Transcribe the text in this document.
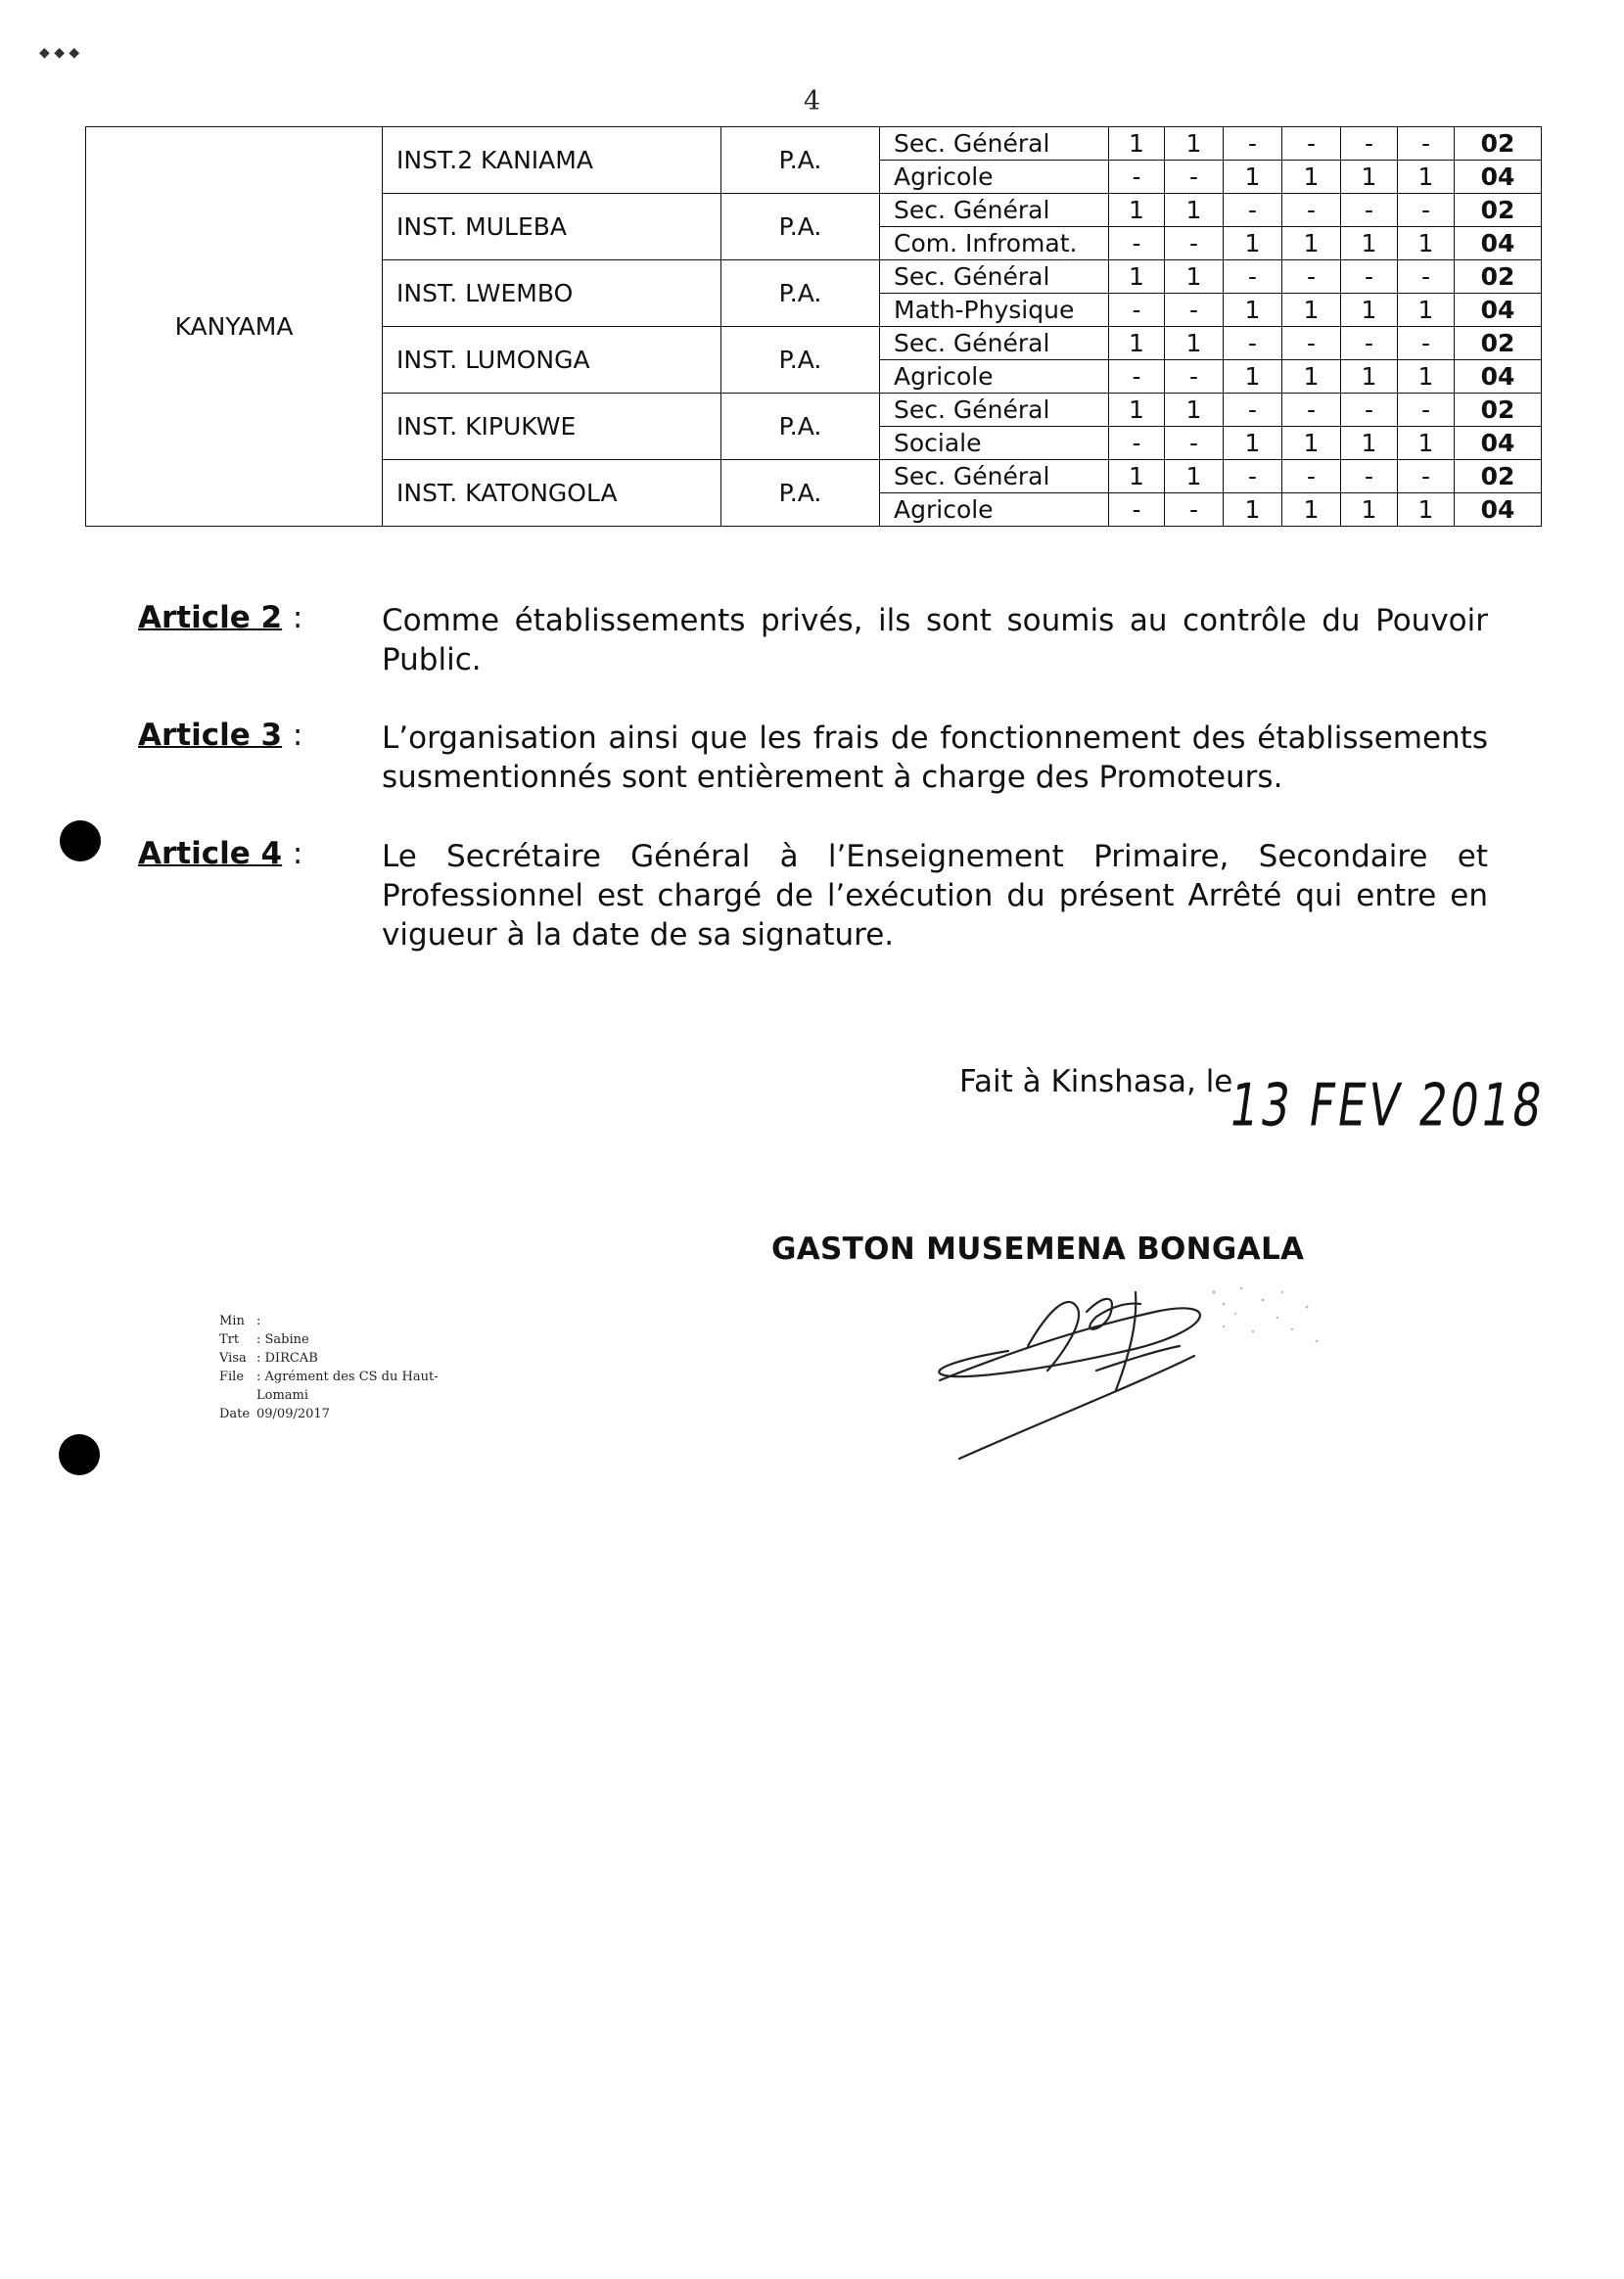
◆ ◆ ◆
4
KANYAMA	INST.2 KANIAMA	P.A.	Sec. Général	1	1	-	-	-	-	02
			Agricole	-	-	1	1	1	1	04
	INST. MULEBA	P.A.	Sec. Général	1	1	-	-	-	-	02
			Com. Infromat.	-	-	1	1	1	1	04
	INST. LWEMBO	P.A.	Sec. Général	1	1	-	-	-	-	02
			Math-Physique	-	-	1	1	1	1	04
	INST. LUMONGA	P.A.	Sec. Général	1	1	-	-	-	-	02
			Agricole	-	-	1	1	1	1	04
	INST. KIPUKWE	P.A.	Sec. Général	1	1	-	-	-	-	02
			Sociale	-	-	1	1	1	1	04
	INST. KATONGOLA	P.A.	Sec. Général	1	1	-	-	-	-	02
			Agricole	-	-	1	1	1	1	04
Article 2 :	Comme établissements privés, ils sont soumis au contrôle du Pouvoir Public.
Article 3 :	L’organisation ainsi que les frais de fonctionnement des établissements susmentionnés sont entièrement à charge des Promoteurs.
Article 4 :	Le Secrétaire Général à l’Enseignement Primaire, Secondaire et Professionnel est chargé de l’exécution du présent Arrêté qui entre en vigueur à la date de sa signature.
Fait à Kinshasa, le
13 FEV 2018
GASTON MUSEMENA BONGALA
Min :
Trt	: Sabine
Visa : DIRCAB
File : Agrément des CS du Haut-
Lomami
Date 09/09/2017
